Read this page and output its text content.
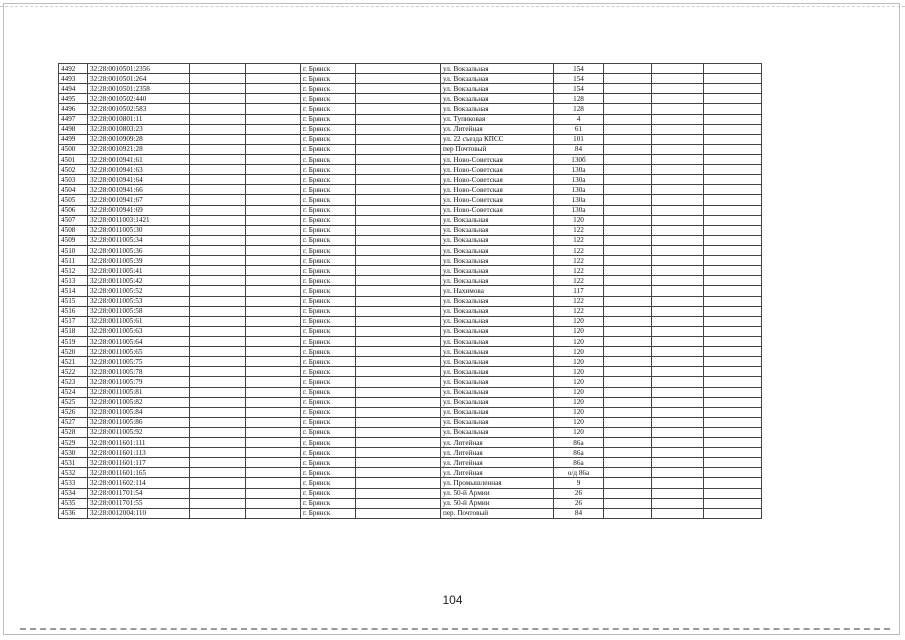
4492	32:28:0010501:2356			г. Брянск		ул. Вокзальная	154			
4493	32:28:0010501:264			г. Брянск		ул. Вокзальная	154			
4494	32:28:0010501:2358			г. Брянск		ул. Вокзальная	154			
4495	32:28:0010502:440			г. Брянск		ул. Вокзальная	128			
4496	32:28:0010502:583			г. Брянск		ул. Вокзальная	128			
4497	32:28:0010801:11			г. Брянск		ул. Тупиковая	4			
4498	32:28:0010803:23			г. Брянск		ул. Литейная	61			
4499	32:28:0010909:28			г. Брянск		ул. 22 съезда КПСС	101			
4500	32:28:0010921:28			г. Брянск		пер Почтовый	84			
4501	32:28:0010941:61			г. Брянск		ул. Ново-Советская	130б			
4502	32:28:0010941:63			г. Брянск		ул. Ново-Советская	130а			
4503	32:28:0010941:64			г. Брянск		ул. Ново-Советская	130а			
4504	32:28:0010941:66			г. Брянск		ул. Ново-Советская	130а			
4505	32:28:0010941:67			г. Брянск		ул. Ново-Советская	130а			
4506	32:28:0010941:69			г. Брянск		ул. Ново-Советская	130а			
4507	32:28:0011003:1421			г. Брянск		ул. Вокзальная	120			
4508	32:28:0011005:30			г. Брянск		ул. Вокзальная	122			
4509	32:28:0011005:34			г. Брянск		ул. Вокзальная	122			
4510	32:28:0011005:36			г. Брянск		ул. Вокзальная	122			
4511	32:28:0011005:39			г. Брянск		ул. Вокзальная	122			
4512	32:28:0011005:41			г. Брянск		ул. Вокзальная	122			
4513	32:28:0011005:42			г. Брянск		ул. Вокзальная	122			
4514	32:28:0011005:52			г. Брянск		ул. Нахимова	117			
4515	32:28:0011005:53			г. Брянск		ул. Вокзальная	122			
4516	32:28:0011005:58			г. Брянск		ул. Вокзальная	122			
4517	32:28:0011005:61			г. Брянск		ул. Вокзальная	120			
4518	32:28:0011005:63			г. Брянск		ул. Вокзальная	120			
4519	32:28:0011005:64			г. Брянск		ул. Вокзальная	120			
4520	32:28:0011005:65			г. Брянск		ул. Вокзальная	120			
4521	32:28:0011005:75			г. Брянск		ул. Вокзальная	120			
4522	32:28:0011005:78			г. Брянск		ул. Вокзальная	120			
4523	32:28:0011005:79			г. Брянск		ул. Вокзальная	120			
4524	32:28:0011005:81			г. Брянск		ул. Вокзальная	120			
4525	32:28:0011005:82			г. Брянск		ул. Вокзальная	120			
4526	32:28:0011005:84			г. Брянск		ул. Вокзальная	120			
4527	32:28:0011005:86			г. Брянск		ул. Вокзальная	120			
4528	32:28:0011005:92			г. Брянск		ул. Вокзальная	120			
4529	32:28:0011601:111			г. Брянск		ул. Литейная	86а			
4530	32:28:0011601:113			г. Брянск		ул. Литейная	86а			
4531	32:28:0011601:117			г. Брянск		ул. Литейная	86а			
4532	32:28:0011601:165			г. Брянск		ул. Литейная	о/д 86а			
4533	32:28:0011602:114			г. Брянск		ул. Промышленная	9			
4534	32:28:0011701:54			г. Брянск		ул. 50-й Армии	26			
4535	32:28:0011701:55			г. Брянск		ул. 50-й Армии	26			
4536	32:28:0012004:110			г. Брянск		пер. Почтовый	84			
104
